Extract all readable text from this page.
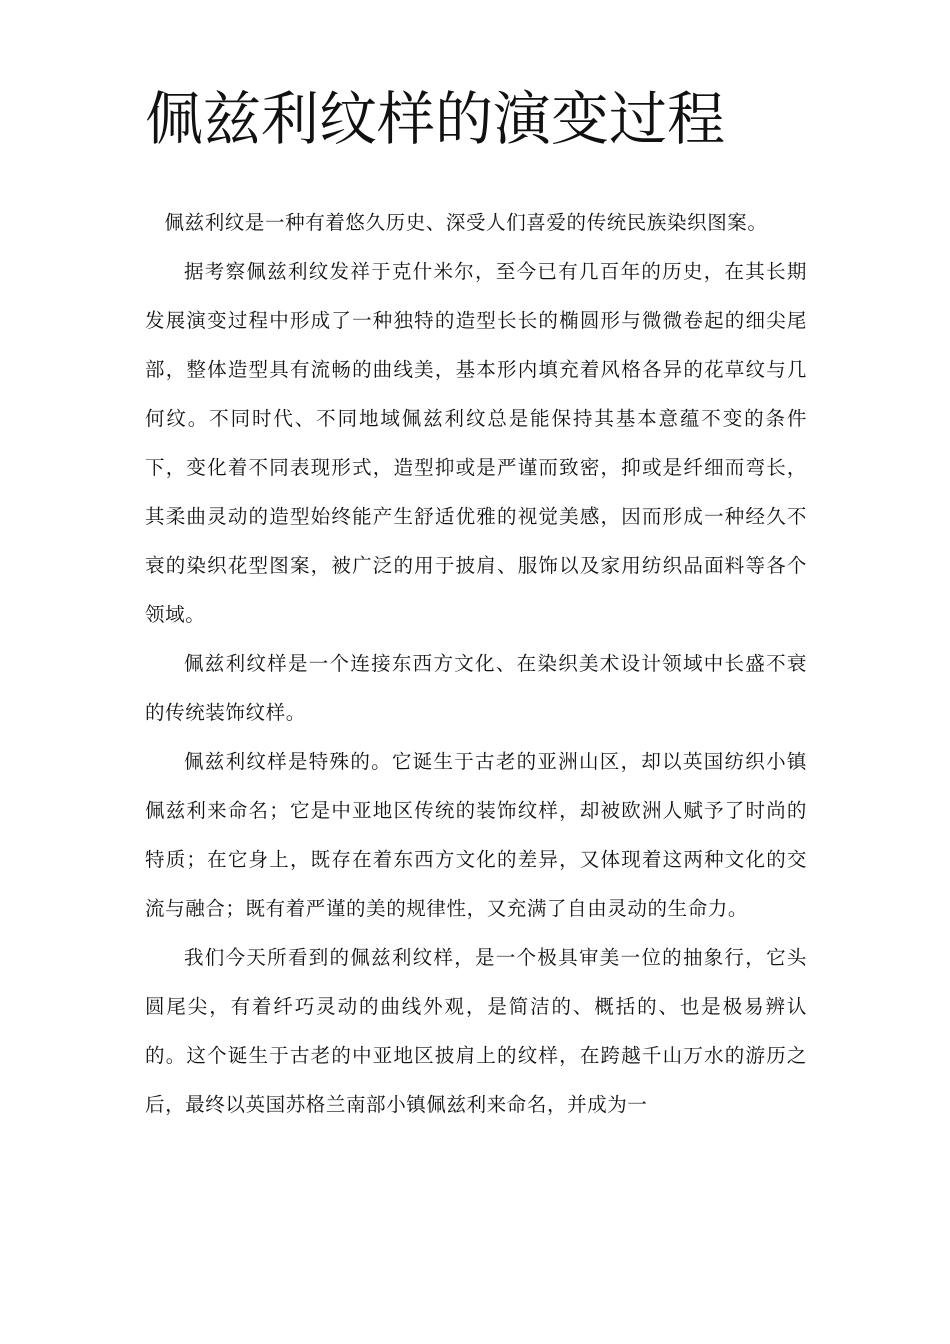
佩兹利纹样的演变过程

佩兹利纹是一种有着悠久历史、深受人们喜爱的传统民族染织图案。

据考察佩兹利纹发祥于克什米尔，至今已有几百年的历史，在其长期发展演变过程中形成了一种独特的造型长长的椭圆形与微微卷起的细尖尾部，整体造型具有流畅的曲线美，基本形内填充着风格各异的花草纹与几何纹。不同时代、不同地域佩兹利纹总是能保持其基本意蕴不变的条件下，变化着不同表现形式，造型抑或是严谨而致密，抑或是纤细而弯长，其柔曲灵动的造型始终能产生舒适优雅的视觉美感，因而形成一种经久不衰的染织花型图案，被广泛的用于披肩、服饰以及家用纺织品面料等各个领域。

佩兹利纹样是一个连接东西方文化、在染织美术设计领域中长盛不衰的传统装饰纹样。

佩兹利纹样是特殊的。它诞生于古老的亚洲山区，却以英国纺织小镇佩兹利来命名；它是中亚地区传统的装饰纹样，却被欧洲人赋予了时尚的特质；在它身上，既存在着东西方文化的差异，又体现着这两种文化的交流与融合；既有着严谨的美的规律性，又充满了自由灵动的生命力。

我们今天所看到的佩兹利纹样，是一个极具审美一位的抽象行，它头圆尾尖，有着纤巧灵动的曲线外观，是简洁的、概括的、也是极易辨认的。这个诞生于古老的中亚地区披肩上的纹样，在跨越千山万水的游历之后，最终以英国苏格兰南部小镇佩兹利来命名，并成为一
